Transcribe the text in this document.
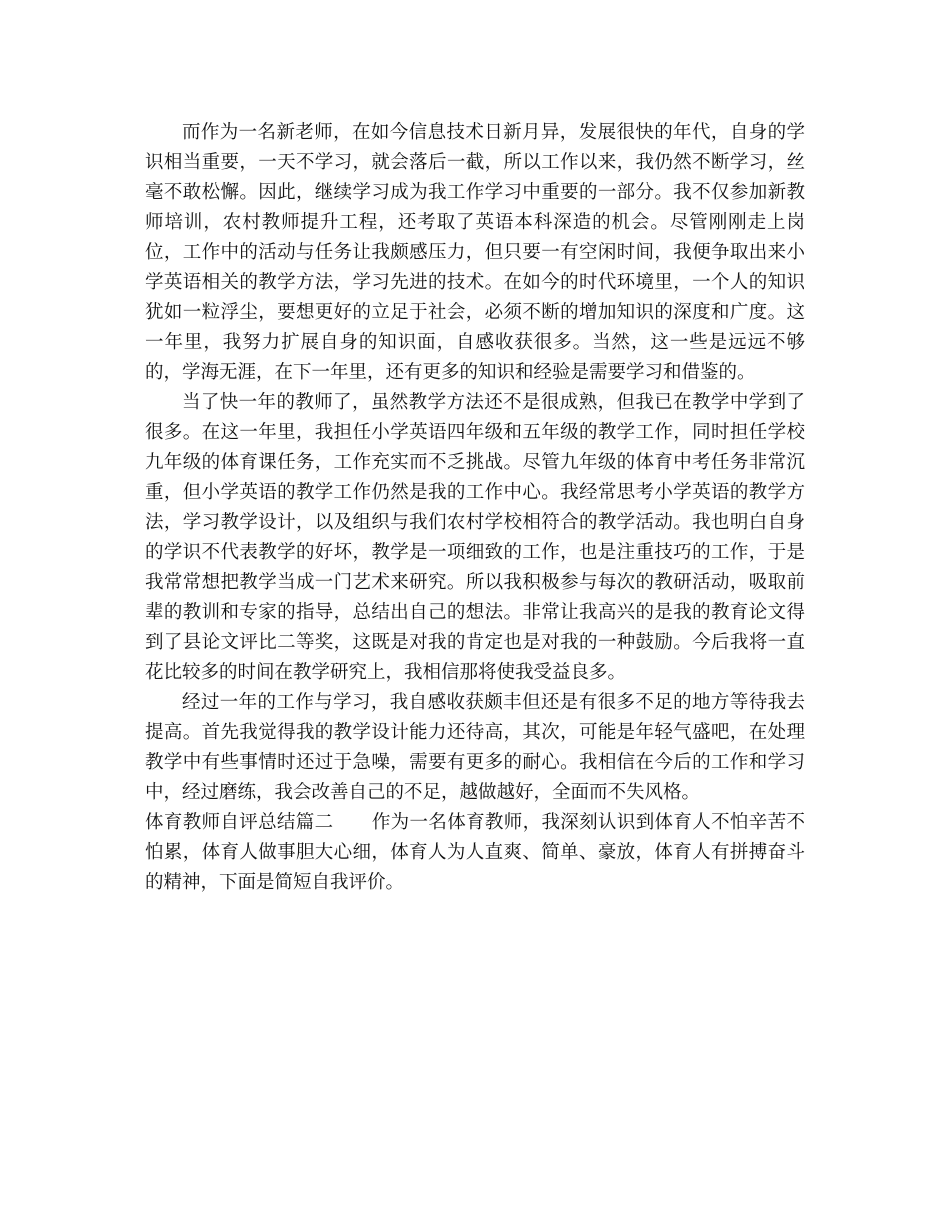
而作为一名新老师，在如今信息技术日新月异，发展很快的年代，自身的学识相当重要，一天不学习，就会落后一截，所以工作以来，我仍然不断学习，丝毫不敢松懈。因此，继续学习成为我工作学习中重要的一部分。我不仅参加新教师培训，农村教师提升工程，还考取了英语本科深造的机会。尽管刚刚走上岗位，工作中的活动与任务让我颇感压力，但只要一有空闲时间，我便争取出来小学英语相关的教学方法，学习先进的技术。在如今的时代环境里，一个人的知识犹如一粒浮尘，要想更好的立足于社会，必须不断的增加知识的深度和广度。这一年里，我努力扩展自身的知识面，自感收获很多。当然，这一些是远远不够的，学海无涯，在下一年里，还有更多的知识和经验是需要学习和借鉴的。

当了快一年的教师了，虽然教学方法还不是很成熟，但我已在教学中学到了很多。在这一年里，我担任小学英语四年级和五年级的教学工作，同时担任学校九年级的体育课任务，工作充实而不乏挑战。尽管九年级的体育中考任务非常沉重，但小学英语的教学工作仍然是我的工作中心。我经常思考小学英语的教学方法，学习教学设计，以及组织与我们农村学校相符合的教学活动。我也明白自身的学识不代表教学的好坏，教学是一项细致的工作，也是注重技巧的工作，于是我常常想把教学当成一门艺术来研究。所以我积极参与每次的教研活动，吸取前辈的教训和专家的指导，总结出自己的想法。非常让我高兴的是我的教育论文得到了县论文评比二等奖，这既是对我的肯定也是对我的一种鼓励。今后我将一直花比较多的时间在教学研究上，我相信那将使我受益良多。

经过一年的工作与学习，我自感收获颇丰但还是有很多不足的地方等待我去提高。首先我觉得我的教学设计能力还待高，其次，可能是年轻气盛吧，在处理教学中有些事情时还过于急噪，需要有更多的耐心。我相信在今后的工作和学习中，经过磨练，我会改善自己的不足，越做越好，全面而不失风格。

体育教师自评总结篇二 作为一名体育教师，我深刻认识到体育人不怕辛苦不怕累，体育人做事胆大心细，体育人为人直爽、简单、豪放，体育人有拼搏奋斗的精神，下面是简短自我评价。
